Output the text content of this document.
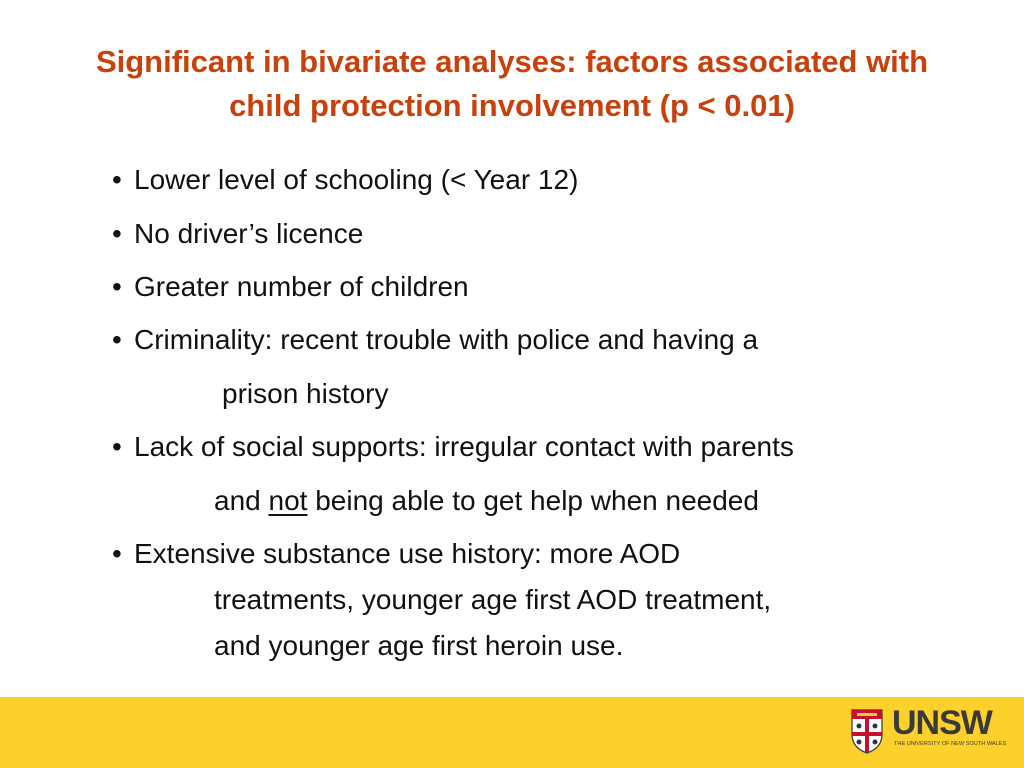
Significant in bivariate analyses: factors associated with
child protection involvement (p < 0.01)
• Lower level of schooling (< Year 12)
• No driver’s licence
• Greater number of children
• Criminality: recent trouble with police and having a
prison history
• Lack of social supports: irregular contact with parents
and not being able to get help when needed
• Extensive substance use history: more AOD
treatments, younger age first AOD treatment,
and younger age first heroin use.
UNSW
THE UNIVERSITY OF NEW SOUTH WALES
